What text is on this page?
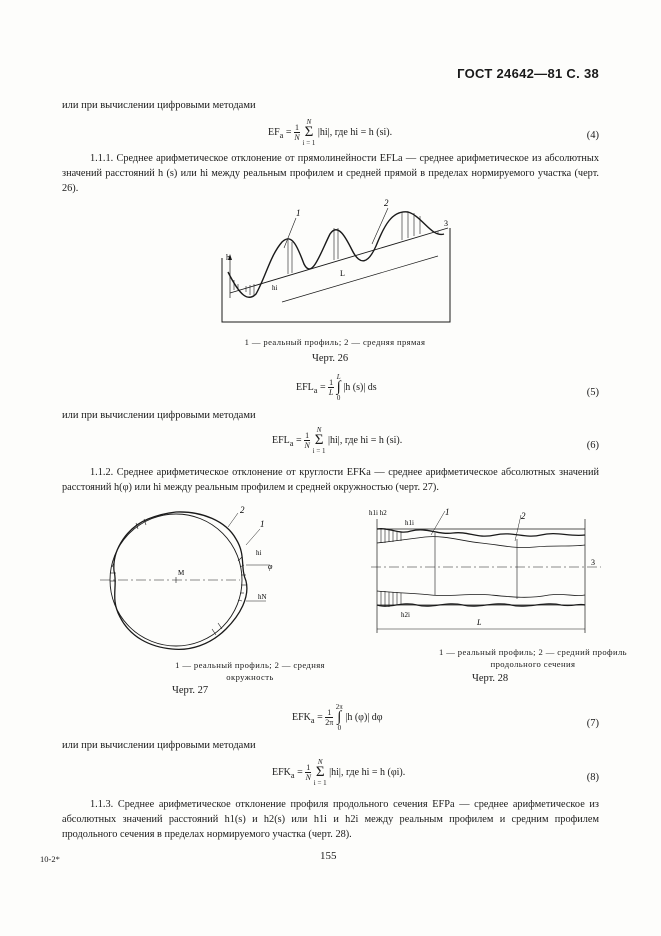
ГОСТ 24642—81 С. 38
или при вычислении цифровыми методами
$EF_a = \frac{1}{N}$

N
Σ
i = 1
|hi|, где hi = h (si).	(4)
1.1.1. Среднее арифметическое отклонение от прямолинейности EFLa — среднее арифметическое из абсолютных значений расстояний h (s) или hi между реальным профилем и средней прямой в пределах нормируемого участка (черт. 26).
1
2
3
h
hi
L
1 — реальный профиль; 2 — средняя прямая
Черт. 26
$EFL_a = \frac{1}{L}$

L
∫
0
|h (s)| ds	(5)
или при вычислении цифровыми методами
$EFL_a = \frac{1}{N}$

N
Σ
i = 1
|hi|, где hi = h (si).	(6)
1.1.2. Среднее арифметическое отклонение от круглости EFKa — среднее арифметическое абсолютных значений расстояний h(φ) или hi между реальным профилем и средней окружностью (черт. 27).
2
1
M
hi
hN
φ
1 — реальный профиль; 2 — средняя
окружность
Черт. 27
h1i h2
h1i
h2i
1	2
3
L
1 — реальный профиль; 2 — средний профиль
продольного сечения
Черт. 28
$EFK_a = \frac{1}{2\pi}$

2π
∫
0
|h (φ)| dφ
(7)
или при вычислении цифровыми методами
$EFK_a = \frac{1}{N}$

N
Σ
i = 1
|hi|, где hi = h (φi).	(8)
1.1.3. Среднее арифметическое отклонение профиля продольного сечения EFPa — среднее арифметическое из абсолютных значений расстояний h1(s) и h2(s) или h1i и h2i между реальным профилем и средним профилем продольного сечения в пределах нормируемого участка (черт. 28).
10-2*	155
